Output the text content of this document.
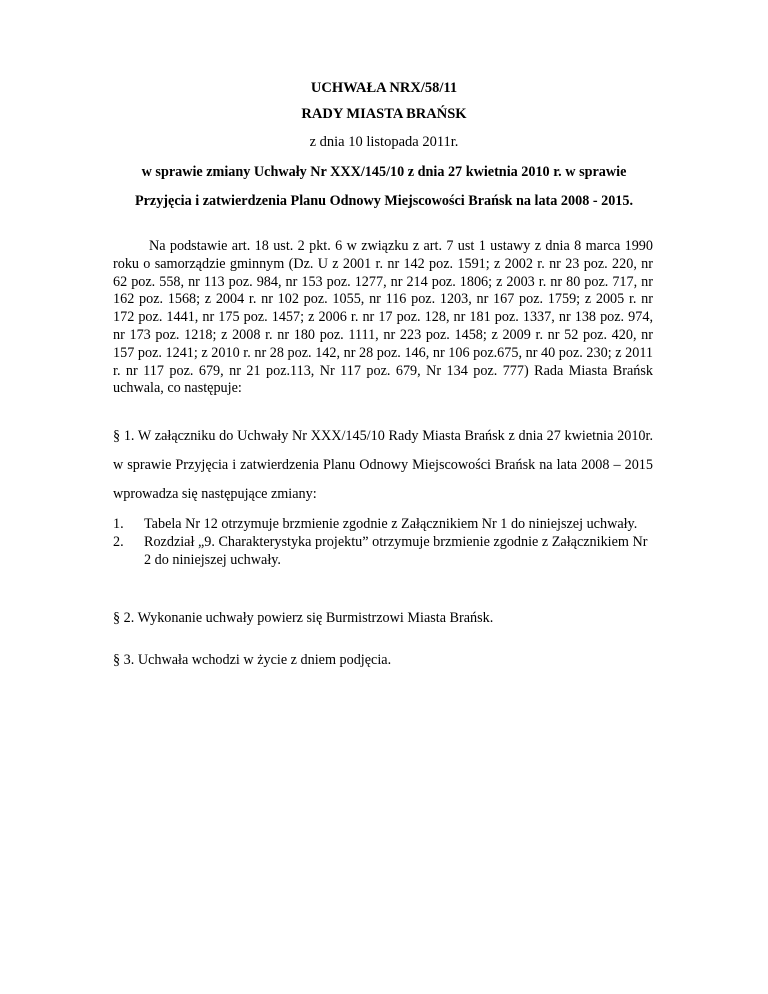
UCHWAŁA NRX/58/11
RADY MIASTA BRAŃSK
z dnia 10 listopada 2011r.
w sprawie zmiany Uchwały Nr XXX/145/10 z dnia 27 kwietnia 2010 r. w sprawie
Przyjęcia i zatwierdzenia Planu Odnowy Miejscowości Brańsk na lata 2008 - 2015.
Na podstawie art. 18 ust. 2 pkt. 6 w związku z art. 7 ust 1 ustawy z dnia 8 marca 1990 roku o samorządzie gminnym (Dz. U z 2001 r. nr 142 poz. 1591; z 2002 r. nr 23 poz. 220, nr 62 poz. 558, nr 113 poz. 984, nr 153 poz. 1277, nr 214 poz. 1806; z 2003 r. nr 80 poz. 717, nr 162 poz. 1568; z 2004 r. nr 102 poz. 1055, nr 116 poz. 1203, nr 167 poz. 1759; z 2005 r. nr 172 poz. 1441, nr 175 poz. 1457; z 2006 r. nr 17 poz. 128, nr 181 poz. 1337, nr 138 poz. 974, nr 173 poz. 1218; z 2008 r. nr 180 poz. 1111, nr 223 poz. 1458; z 2009 r. nr 52 poz. 420, nr 157 poz. 1241; z 2010 r. nr 28 poz. 142, nr 28 poz. 146, nr 106 poz.675, nr 40 poz. 230; z 2011 r. nr 117 poz. 679, nr 21 poz.113, Nr 117 poz. 679, Nr 134 poz. 777) Rada Miasta Brańsk uchwala, co następuje:
§ 1. W załączniku do Uchwały Nr XXX/145/10 Rady Miasta Brańsk z dnia 27 kwietnia 2010r. w sprawie Przyjęcia i zatwierdzenia Planu Odnowy Miejscowości Brańsk na lata 2008 – 2015 wprowadza się następujące zmiany:
1.	Tabela Nr 12 otrzymuje brzmienie zgodnie z Załącznikiem Nr 1 do niniejszej uchwały.
2.	Rozdział „9. Charakterystyka projektu” otrzymuje brzmienie zgodnie z Załącznikiem Nr 2 do niniejszej uchwały.
§ 2. Wykonanie uchwały powierz się Burmistrzowi Miasta Brańsk.
§ 3. Uchwała wchodzi w życie z dniem podjęcia.
